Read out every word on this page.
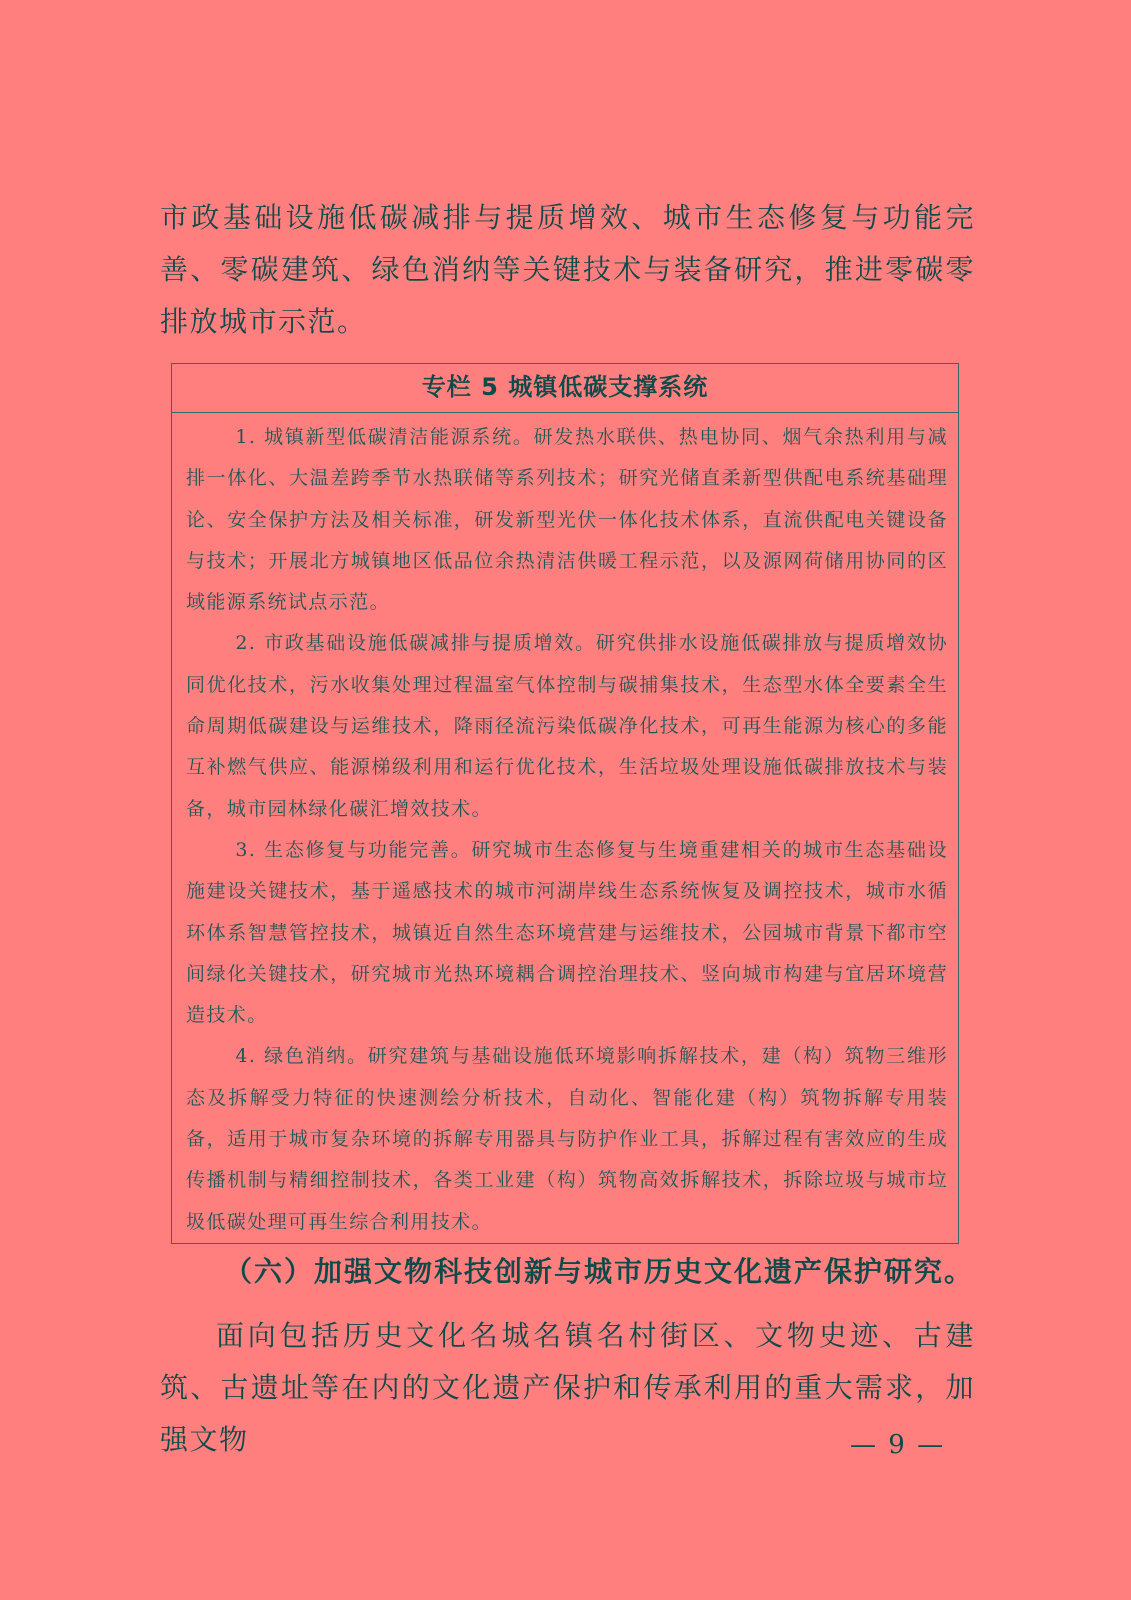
市政基础设施低碳减排与提质增效、城市生态修复与功能完善、零碳建筑、绿色消纳等关键技术与装备研究，推进零碳零排放城市示范。
专栏 5 城镇低碳支撑系统

1. 城镇新型低碳清洁能源系统。研发热水联供、热电协同、烟气余热利用与减排一体化、大温差跨季节水热联储等系列技术；研究光储直柔新型供配电系统基础理论、安全保护方法及相关标准，研发新型光伏一体化技术体系，直流供配电关键设备与技术；开展北方城镇地区低品位余热清洁供暖工程示范，以及源网荷储用协同的区域能源系统试点示范。

2. 市政基础设施低碳减排与提质增效。研究供排水设施低碳排放与提质增效协同优化技术，污水收集处理过程温室气体控制与碳捕集技术，生态型水体全要素全生命周期低碳建设与运维技术，降雨径流污染低碳净化技术，可再生能源为核心的多能互补燃气供应、能源梯级利用和运行优化技术，生活垃圾处理设施低碳排放技术与装备，城市园林绿化碳汇增效技术。

3. 生态修复与功能完善。研究城市生态修复与生境重建相关的城市生态基础设施建设关键技术，基于遥感技术的城市河湖岸线生态系统恢复及调控技术，城市水循环体系智慧管控技术，城镇近自然生态环境营建与运维技术，公园城市背景下都市空间绿化关键技术，研究城市光热环境耦合调控治理技术、竖向城市构建与宜居环境营造技术。

4. 绿色消纳。研究建筑与基础设施低环境影响拆解技术，建（构）筑物三维形态及拆解受力特征的快速测绘分析技术，自动化、智能化建（构）筑物拆解专用装备，适用于城市复杂环境的拆解专用器具与防护作业工具，拆解过程有害效应的生成传播机制与精细控制技术，各类工业建（构）筑物高效拆解技术，拆除垃圾与城市垃圾低碳处理可再生综合利用技术。

（六）加强文物科技创新与城市历史文化遗产保护研究。
面向包括历史文化名城名镇名村街区、文物史迹、古建筑、古遗址等在内的文化遗产保护和传承利用的重大需求，加强文物	— 9 —
